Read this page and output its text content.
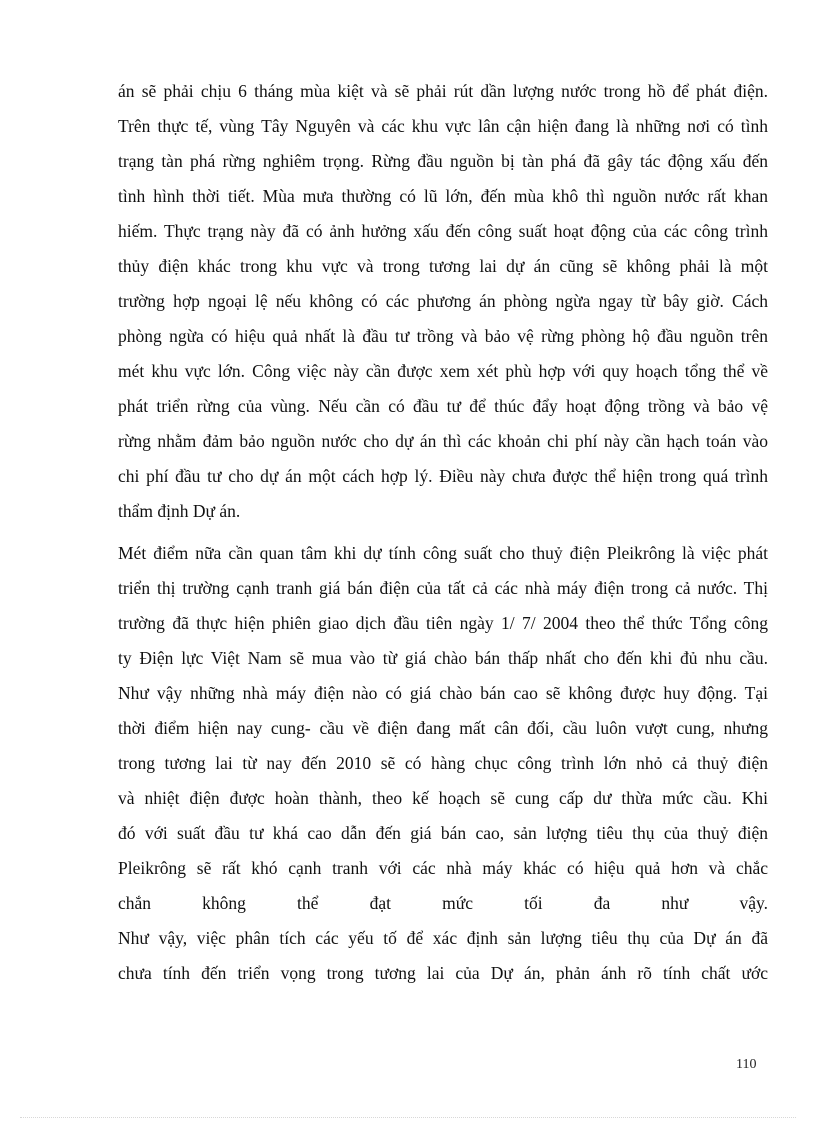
án sẽ phải chịu 6 tháng mùa kiệt và sẽ phải rút dần lượng nước trong hồ để phát điện.
Trên thực tế, vùng Tây Nguyên và các khu vực lân cận hiện đang là những nơi có tình
trạng tàn phá rừng nghiêm trọng. Rừng đầu nguồn bị tàn phá đã gây tác động xấu đến
tình hình thời tiết. Mùa mưa thường có lũ lớn, đến mùa khô thì nguồn nước rất khan
hiếm. Thực trạng này đã có ảnh hưởng xấu đến công suất hoạt động của các công trình
thủy điện khác trong khu vực và trong tương lai dự án cũng sẽ không phải là một
trường hợp ngoại lệ nếu không có các phương án phòng ngừa ngay từ bây giờ. Cách
phòng ngừa có hiệu quả nhất là đầu tư trồng và bảo vệ rừng phòng hộ đầu nguồn trên
mét khu vực lớn. Công việc này cần được xem xét phù hợp với quy hoạch tổng thể về
phát triển rừng của vùng. Nếu cần có đầu tư để thúc đẩy hoạt động trồng và bảo vệ
rừng nhằm đảm bảo nguồn nước cho dự án thì các khoản chi phí này cần hạch toán vào
chi phí đầu tư cho dự án một cách hợp lý. Điều này chưa được thể hiện trong quá trình
thẩm định Dự án.
Mét điểm nữa cần quan tâm khi dự tính công suất cho thuỷ điện Pleikrông là việc phát
triển thị trường cạnh tranh giá bán điện của tất cả các nhà máy điện trong cả nước. Thị
trường đã thực hiện phiên giao dịch đầu tiên ngày 1/ 7/ 2004 theo thể thức Tổng công
ty Điện lực Việt Nam sẽ mua vào từ giá chào bán thấp nhất cho đến khi đủ nhu cầu.
Như vậy những nhà máy điện nào có giá chào bán cao sẽ không được huy động. Tại
thời điểm hiện nay cung- cầu về điện đang mất cân đối, cầu luôn vượt cung, nhưng
trong tương lai từ nay đến 2010 sẽ có hàng chục công trình lớn nhỏ cả thuỷ điện
và nhiệt điện được hoàn thành, theo kế hoạch sẽ cung cấp dư thừa mức cầu. Khi
đó với suất đầu tư khá cao dẫn đến giá bán cao, sản lượng tiêu thụ của thuỷ điện
Pleikrông sẽ rất khó cạnh tranh với các nhà máy khác có hiệu quả hơn và chắc
chắn không thể đạt mức tối đa như vậy.
Như vậy, việc phân tích các yếu tố để xác định sản lượng tiêu thụ của Dự án đã
chưa tính đến triển vọng trong tương lai của Dự án, phản ánh rõ tính chất ước
110
